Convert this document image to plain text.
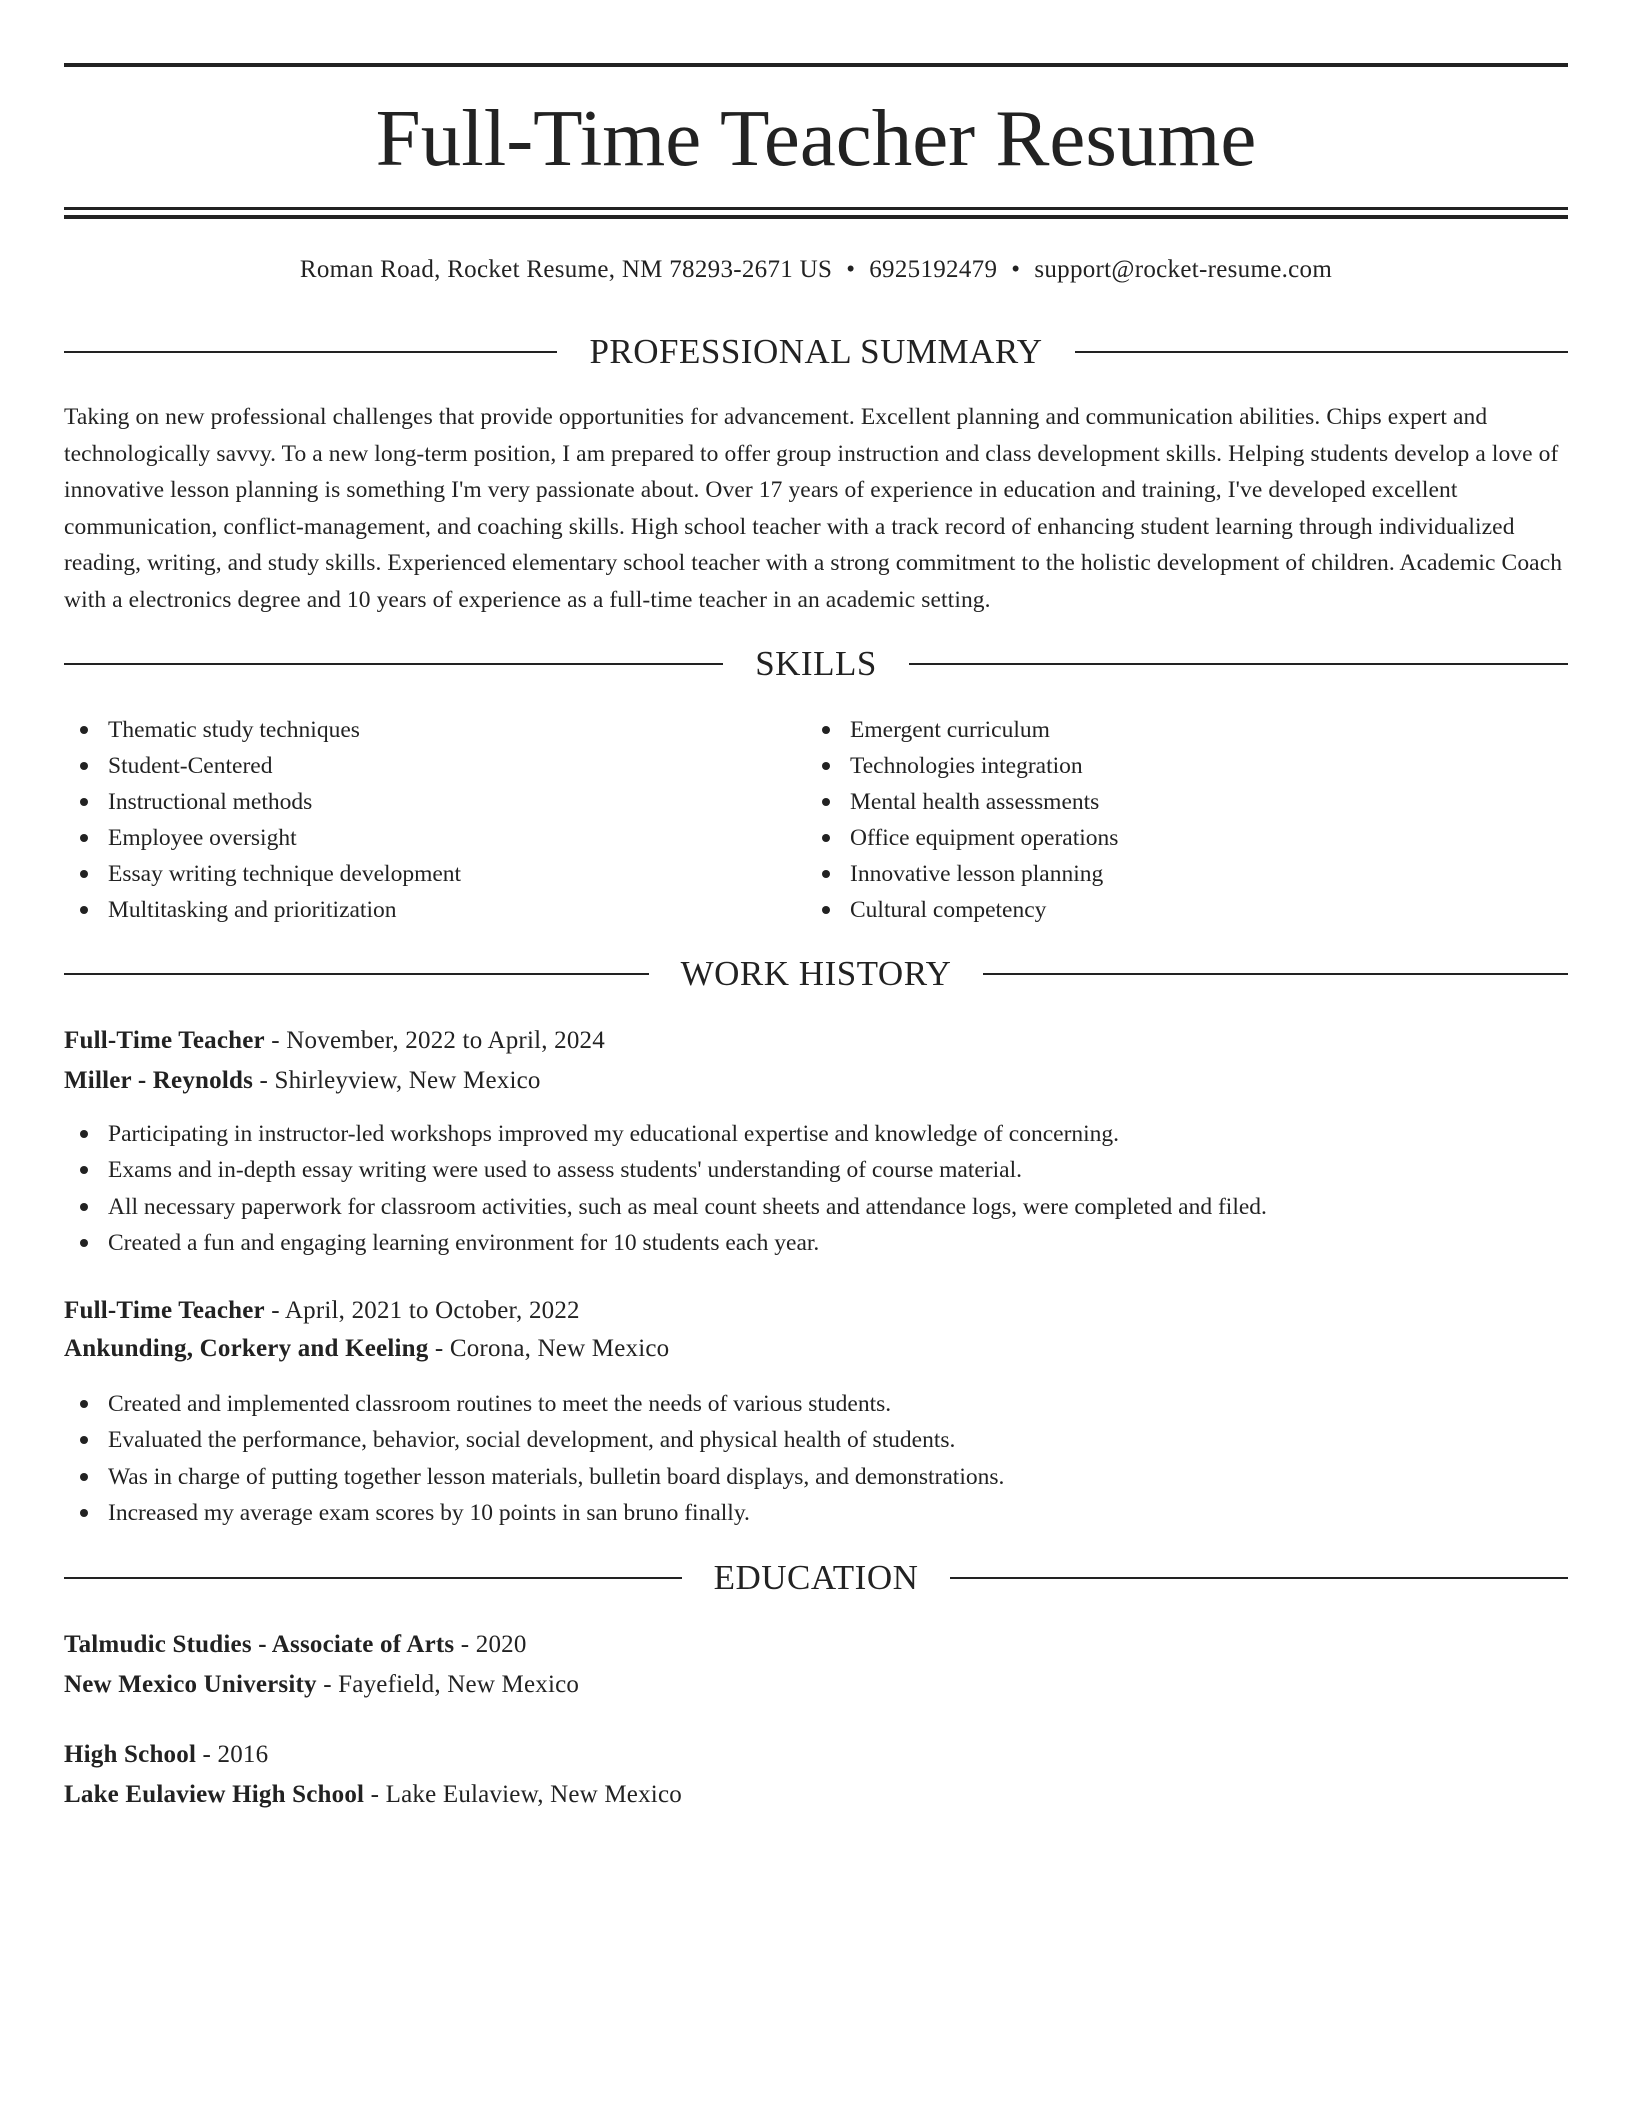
Full-Time Teacher Resume
Roman Road, Rocket Resume, NM 78293-2671 US • 6925192479 • support@rocket-resume.com
PROFESSIONAL SUMMARY

Taking on new professional challenges that provide opportunities for advancement. Excellent planning and communication abilities. Chips expert and technologically savvy. To a new long-term position, I am prepared to offer group instruction and class development skills. Helping students develop a love of innovative lesson planning is something I'm very passionate about. Over 17 years of experience in education and training, I've developed excellent communication, conflict-management, and coaching skills. High school teacher with a track record of enhancing student learning through individualized reading, writing, and study skills. Experienced elementary school teacher with a strong commitment to the holistic development of children. Academic Coach with a electronics degree and 10 years of experience as a full-time teacher in an academic setting.

SKILLS
Thematic study techniques
Student-Centered
Instructional methods
Employee oversight
Essay writing technique development
Multitasking and prioritization
Emergent curriculum
Technologies integration
Mental health assessments
Office equipment operations
Innovative lesson planning
Cultural competency
WORK HISTORY
Full-Time Teacher - November, 2022 to April, 2024
Miller - Reynolds - Shirleyview, New Mexico
Participating in instructor-led workshops improved my educational expertise and knowledge of concerning.
Exams and in-depth essay writing were used to assess students' understanding of course material.
All necessary paperwork for classroom activities, such as meal count sheets and attendance logs, were completed and filed.
Created a fun and engaging learning environment for 10 students each year.
Full-Time Teacher - April, 2021 to October, 2022
Ankunding, Corkery and Keeling - Corona, New Mexico
Created and implemented classroom routines to meet the needs of various students.
Evaluated the performance, behavior, social development, and physical health of students.
Was in charge of putting together lesson materials, bulletin board displays, and demonstrations.
Increased my average exam scores by 10 points in san bruno finally.
EDUCATION
Talmudic Studies - Associate of Arts - 2020
New Mexico University - Fayefield, New Mexico
High School - 2016
Lake Eulaview High School - Lake Eulaview, New Mexico
